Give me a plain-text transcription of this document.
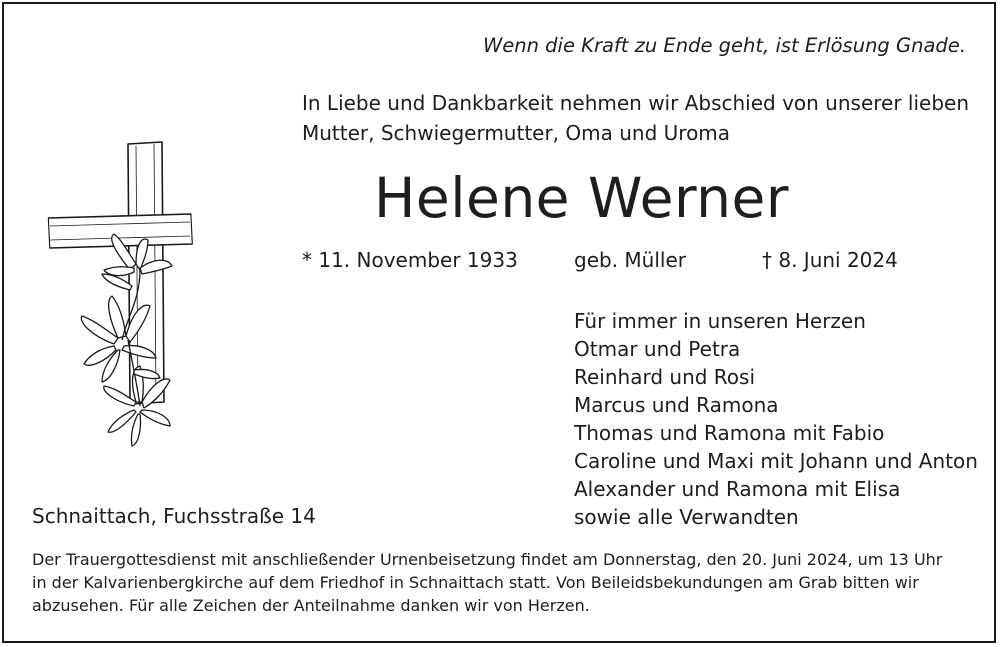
Wenn die Kraft zu Ende geht, ist Erlösung Gnade.
In Liebe und Dankbarkeit nehmen wir Abschied von unserer lieben
Mutter, Schwiegermutter, Oma und Uroma
Helene Werner
* 11. November 1933	geb. Müller	† 8. Juni 2024
Für immer in unseren Herzen
Otmar und Petra
Reinhard und Rosi
Marcus und Ramona
Thomas und Ramona mit Fabio
Caroline und Maxi mit Johann und Anton
Alexander und Ramona mit Elisa
sowie alle Verwandten
Schnaittach, Fuchsstraße 14
Der Trauergottesdienst mit anschließender Urnenbeisetzung findet am Donnerstag, den 20. Juni 2024, um 13 Uhr
in der Kalvarienbergkirche auf dem Friedhof in Schnaittach statt. Von Beileidsbekundungen am Grab bitten wir
abzusehen. Für alle Zeichen der Anteilnahme danken wir von Herzen.
